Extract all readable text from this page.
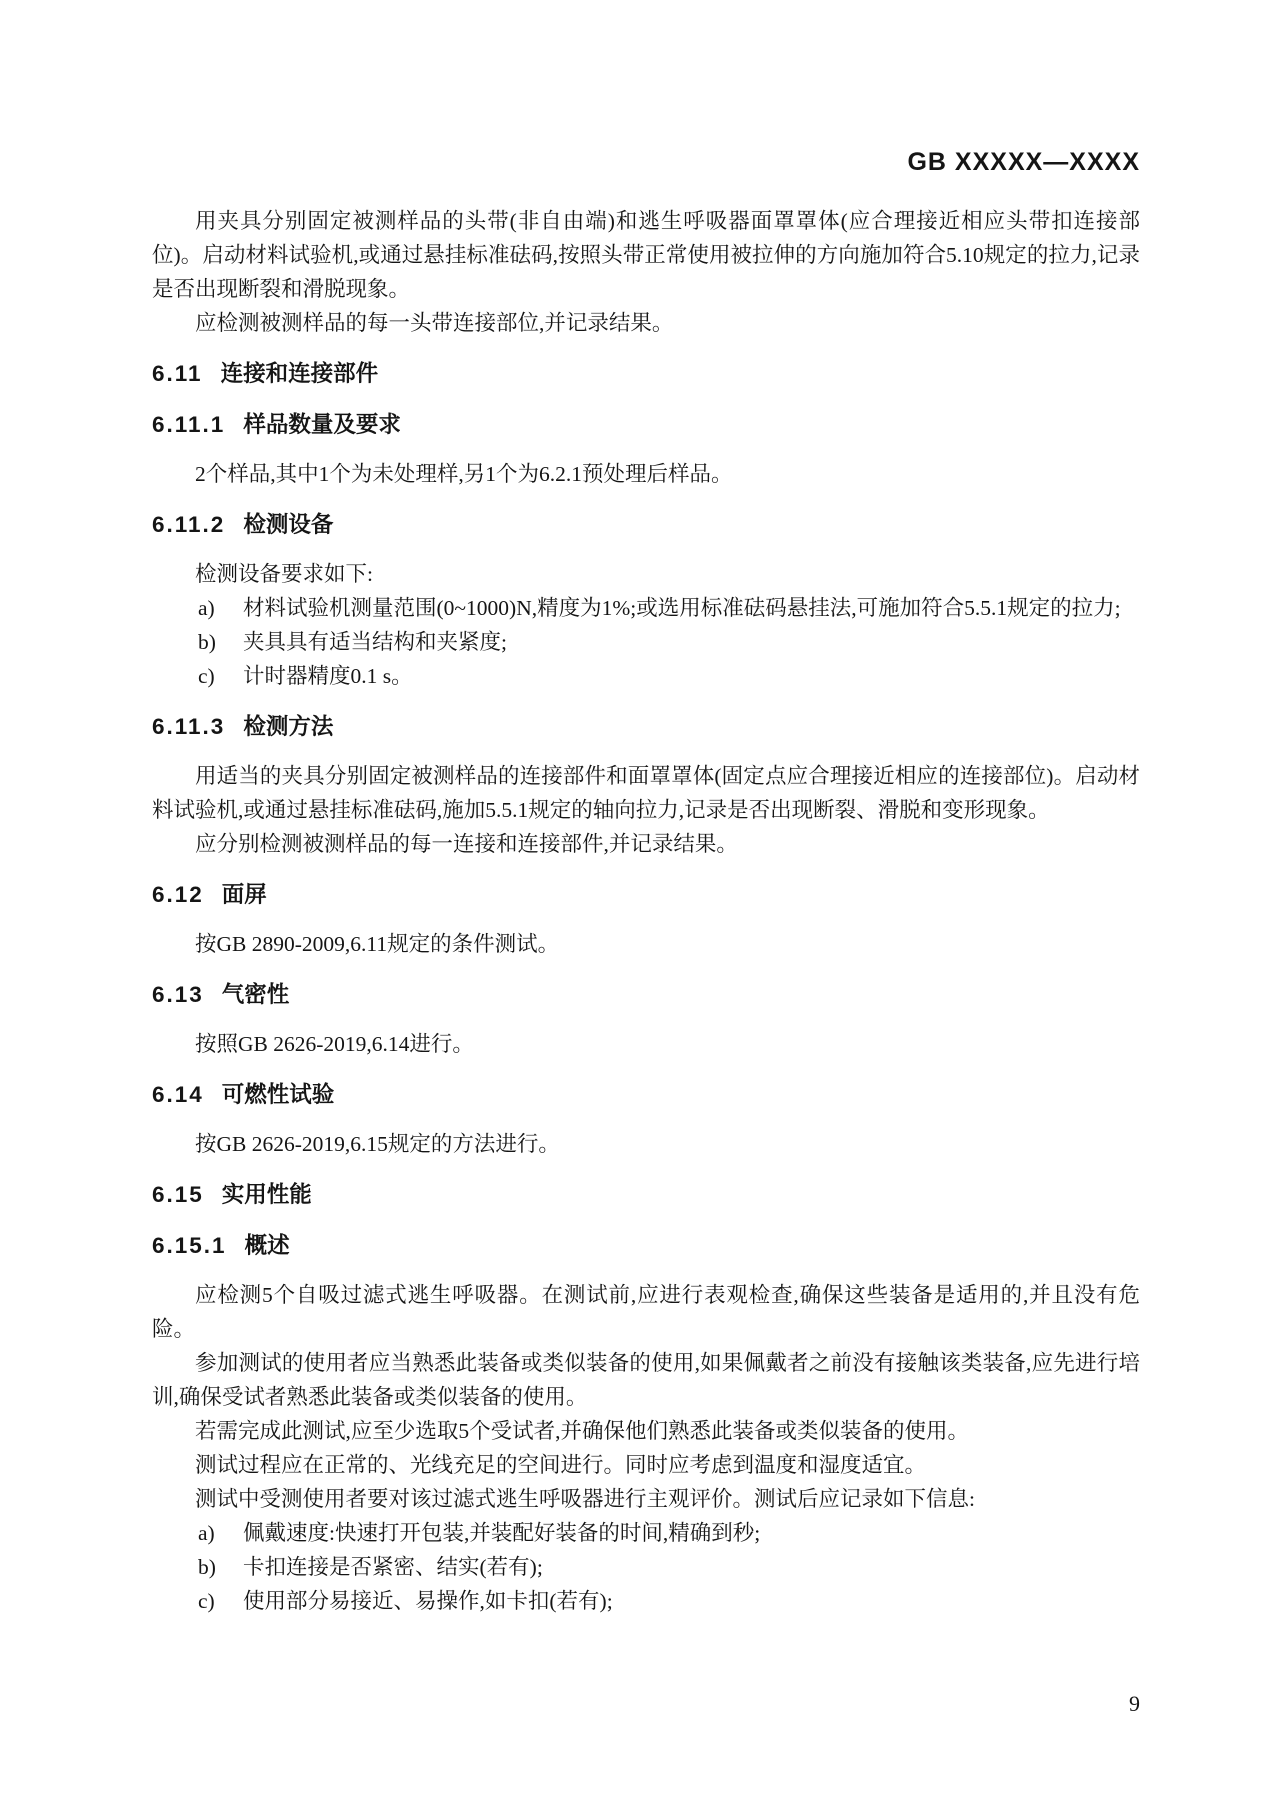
GB XXXXX—XXXX

用夹具分别固定被测样品的头带(非自由端)和逃生呼吸器面罩罩体(应合理接近相应头带扣连接部位)。启动材料试验机,或通过悬挂标准砝码,按照头带正常使用被拉伸的方向施加符合5.10规定的拉力,记录是否出现断裂和滑脱现象。

应检测被测样品的每一头带连接部位,并记录结果。

6.11 连接和连接部件
6.11.1 样品数量及要求

2个样品,其中1个为未处理样,另1个为6.2.1预处理后样品。

6.11.2 检测设备

检测设备要求如下:

a) 材料试验机测量范围(0~1000)N,精度为1%;或选用标准砝码悬挂法,可施加符合5.5.1规定的拉力;
b) 夹具具有适当结构和夹紧度;
c) 计时器精度0.1 s。
6.11.3 检测方法

用适当的夹具分别固定被测样品的连接部件和面罩罩体(固定点应合理接近相应的连接部位)。启动材料试验机,或通过悬挂标准砝码,施加5.5.1规定的轴向拉力,记录是否出现断裂、滑脱和变形现象。

应分别检测被测样品的每一连接和连接部件,并记录结果。

6.12 面屏

按GB 2890-2009,6.11规定的条件测试。

6.13 气密性

按照GB 2626-2019,6.14进行。

6.14 可燃性试验

按GB 2626-2019,6.15规定的方法进行。

6.15 实用性能
6.15.1 概述

应检测5个自吸过滤式逃生呼吸器。在测试前,应进行表观检查,确保这些装备是适用的,并且没有危险。

参加测试的使用者应当熟悉此装备或类似装备的使用,如果佩戴者之前没有接触该类装备,应先进行培训,确保受试者熟悉此装备或类似装备的使用。

若需完成此测试,应至少选取5个受试者,并确保他们熟悉此装备或类似装备的使用。

测试过程应在正常的、光线充足的空间进行。同时应考虑到温度和湿度适宜。

测试中受测使用者要对该过滤式逃生呼吸器进行主观评价。测试后应记录如下信息:

a) 佩戴速度:快速打开包装,并装配好装备的时间,精确到秒;
b) 卡扣连接是否紧密、结实(若有);
c) 使用部分易接近、易操作,如卡扣(若有);
9
